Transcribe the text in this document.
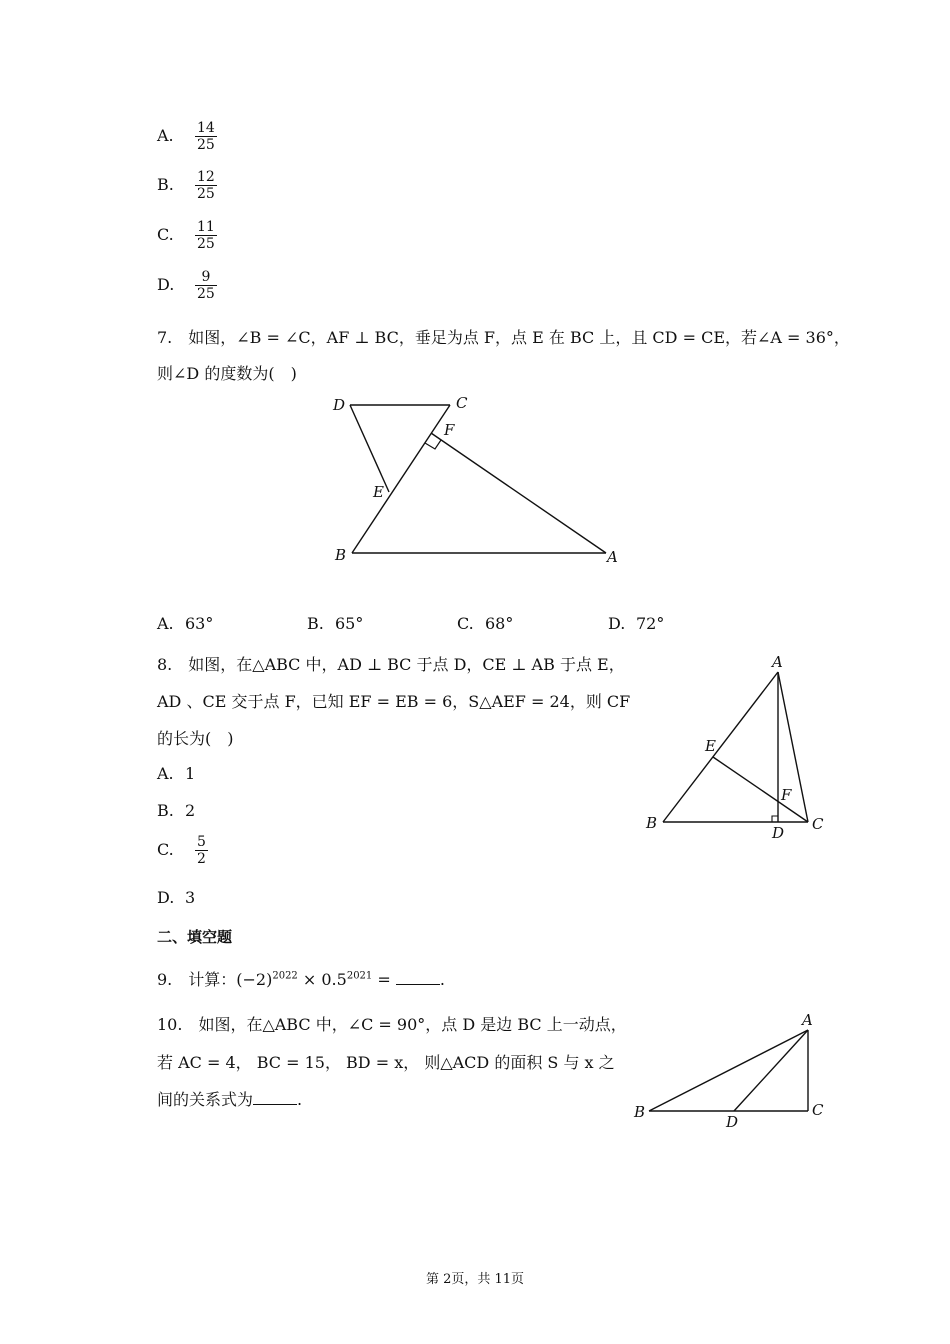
A. $\frac{14}{25}$
B. $\frac{12}{25}$
C. $\frac{11}{25}$
D. $\frac{9}{25}$
7.　如图，∠B = ∠C，AF ⊥ BC，垂足为点 F，点 E 在 BC 上，且 CD = CE，若∠A = 36°，
则∠D 的度数为(　)
D	C
F
E
B	A
A. 63°	B. 65°	C. 68°	D. 72°
8.　如图，在△ABC 中，AD ⊥ BC 于点 D，CE ⊥ AB 于点 E，
AD 、CE 交于点 F，已知 EF = EB = 6，S△AEF = 24，则 CF
的长为(　)
A
E
F
B
D C
A. 1
B. 2
C. $\frac{5}{2}$
D. 3
二、填空题
9.　计算：$(-2)^{2022} \times 0.5^{2021}$ =	.
10.　如图，在△ABC 中，∠C = 90°，点 D 是边 BC 上一动点，
若 AC = 4， BC = 15， BD = x， 则△ACD 的面积 S 与 x 之
间的关系式为	.
A
B
D
C
第 2页，共 11页
